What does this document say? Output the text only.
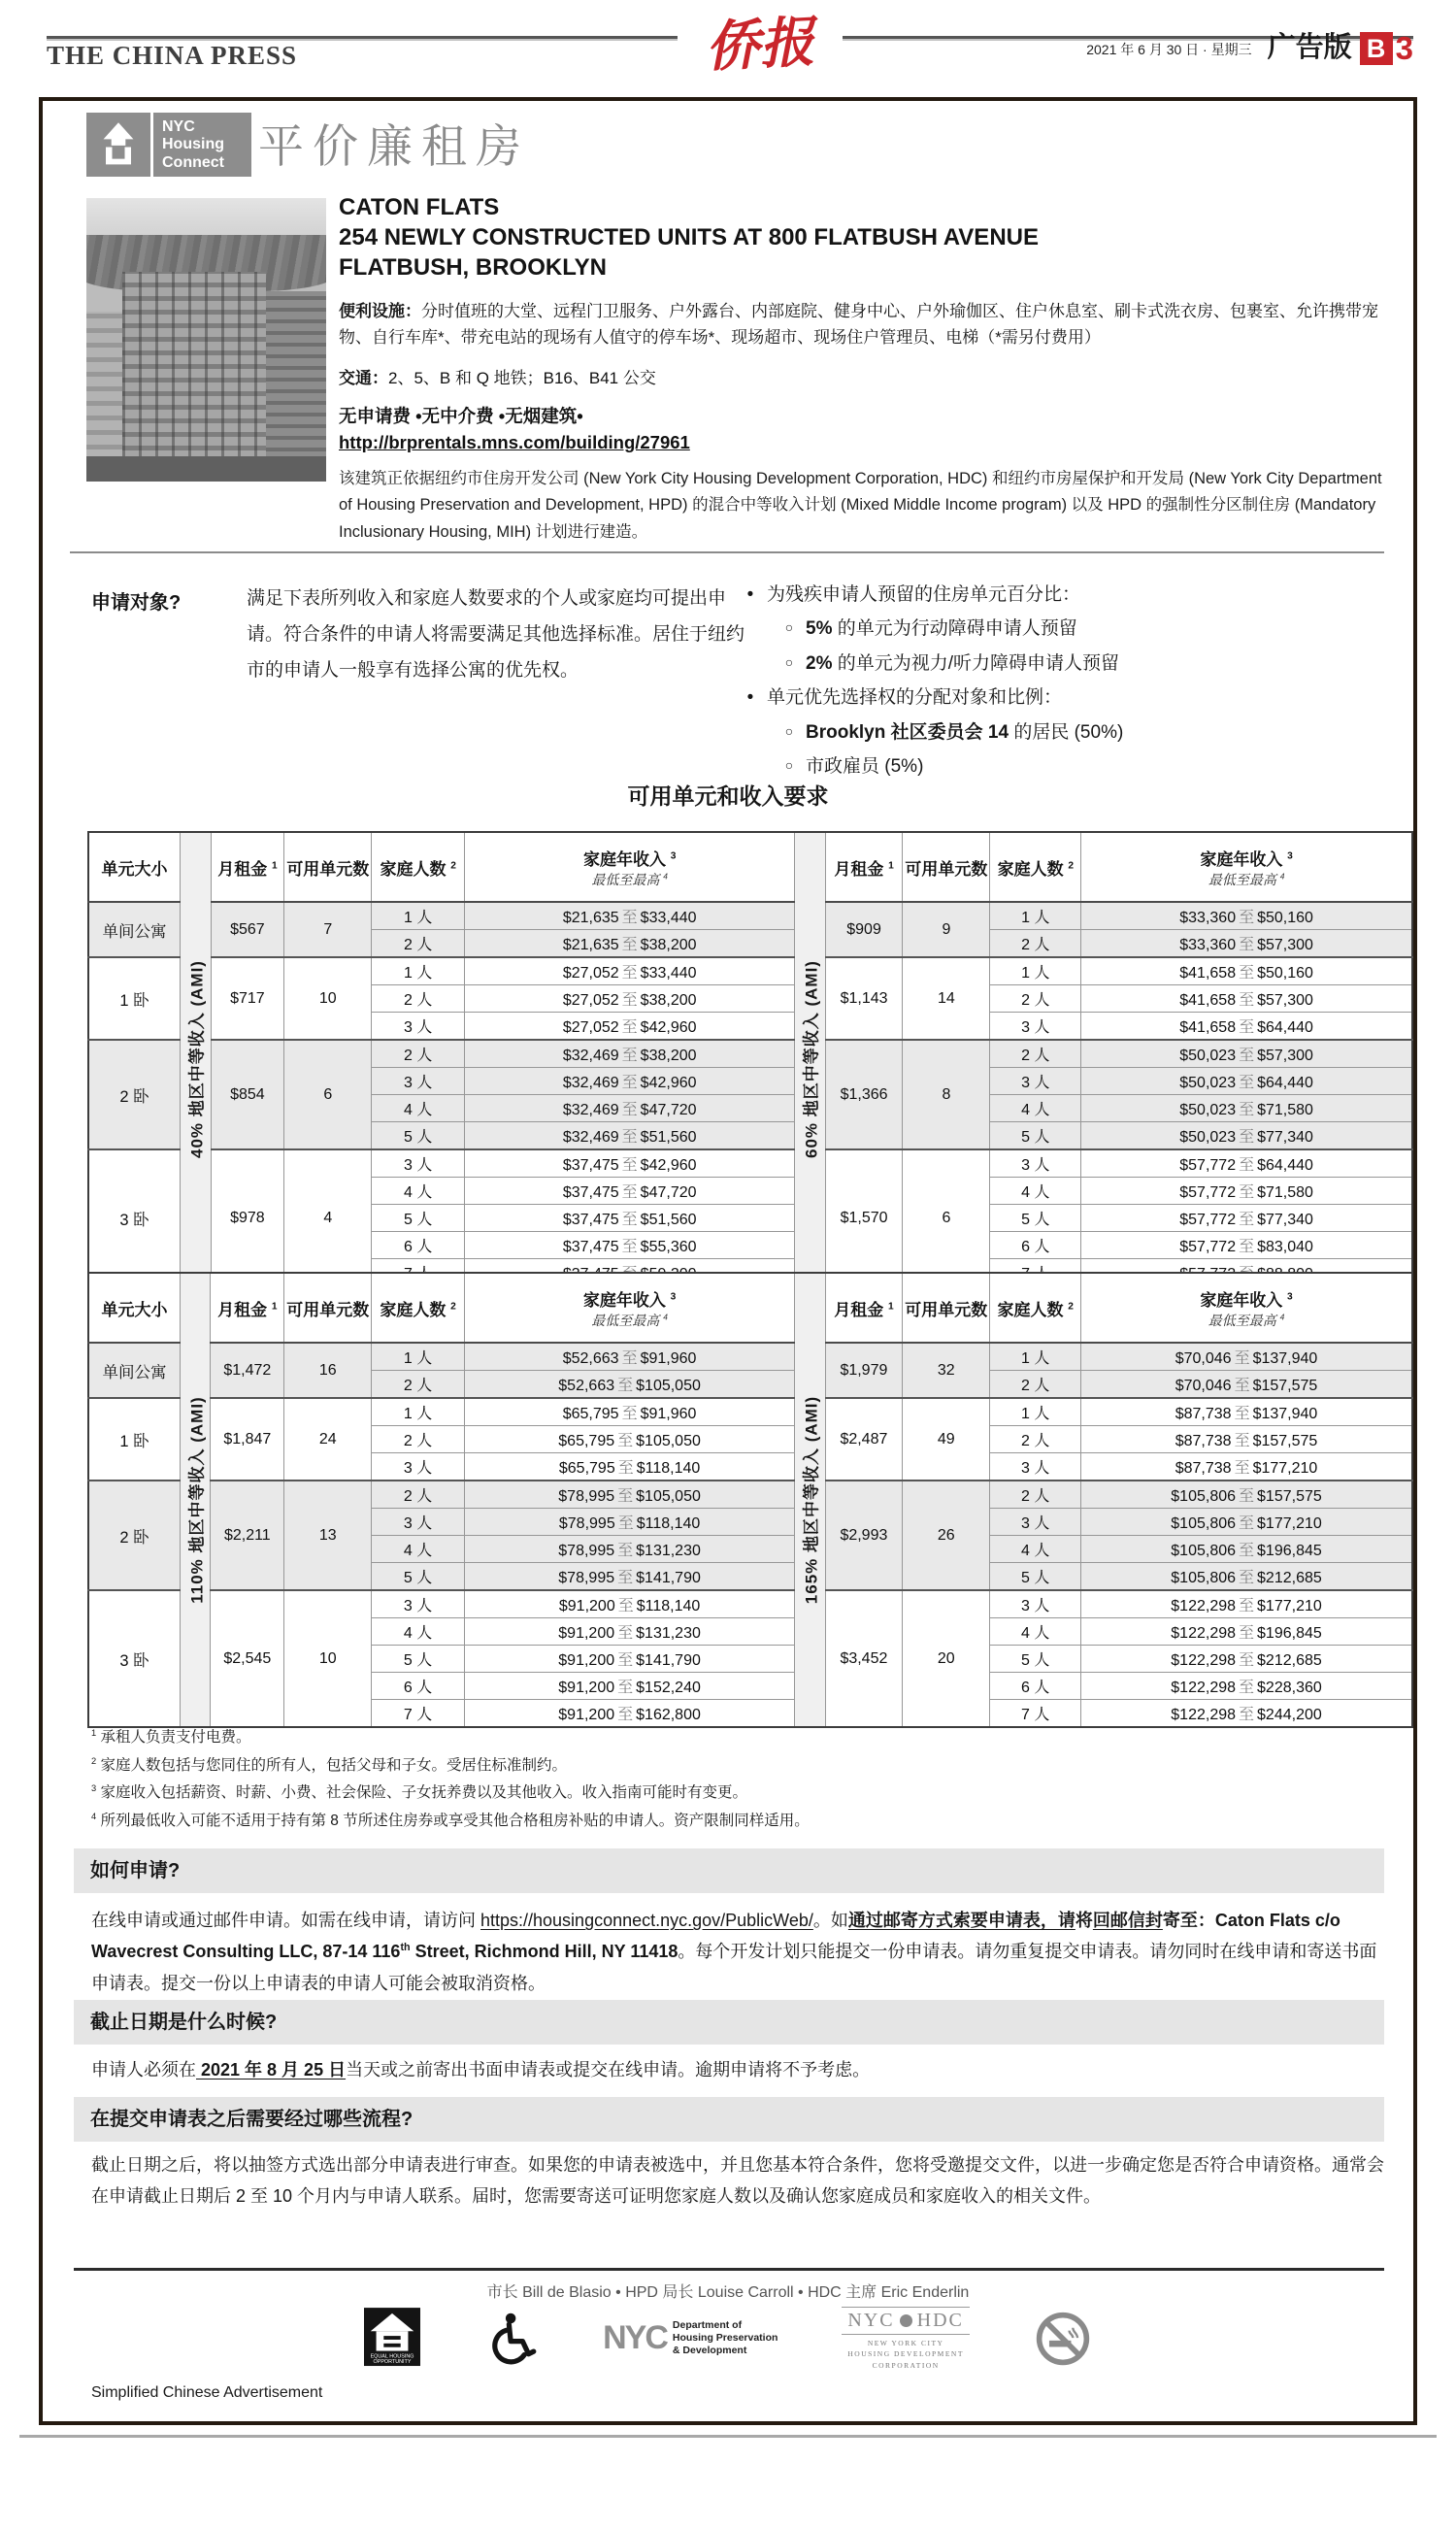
THE CHINA PRESS	侨报	2021 年 6 月 30 日 · 星期三 广告版 B 3
NYC
Housing
Connect 平价廉租房
CATON FLATS
254 NEWLY CONSTRUCTED UNITS AT 800 FLATBUSH AVENUE
FLATBUSH, BROOKLYN
便利设施：分时值班的大堂、远程门卫服务、户外露台、内部庭院、健身中心、户外瑜伽区、住户休息室、刷卡式洗衣房、包裹室、允许携带宠物、自行车库*、带充电站的现场有人值守的停车场*、现场超市、现场住户管理员、电梯（*需另付费用）
交通：2、5、B 和 Q 地铁；B16、B41 公交
无申请费 •无中介费 •无烟建筑•
http://brprentals.mns.com/building/27961
该建筑正依据纽约市住房开发公司 (New York City Housing Development Corporation, HDC) 和纽约市房屋保护和开发局 (New York City Department of Housing Preservation and Development, HPD) 的混合中等收入计划 (Mixed Middle Income program) 以及 HPD 的强制性分区制住房 (Mandatory Inclusionary Housing, MIH) 计划进行建造。
申请对象?	满足下表所列收入和家庭人数要求的个人或家庭均可提出申请。符合条件的申请人将需要满足其他选择标准。居住于纽约市的申请人一般享有选择公寓的优先权。
• 为残疾申请人预留的住房单元百分比：
○ 5% 的单元为行动障碍申请人预留
○ 2% 的单元为视力/听力障碍申请人预留
• 单元优先选择权的分配对象和比例：
○ Brooklyn 社区委员会 14 的居民 (50%)
○ 市政雇员 (5%)
可用单元和收入要求
单元大小	
40% 地区中等收入 (AMI)
	月租金 $^1$	可用单元数	家庭人数 $^2$	家庭年收入 $^3$
最低至最高 $^4$

60% 地区中等收入 (AMI)
	月租金 $^1$	可用单元数	家庭人数 $^2$	家庭年收入 $^3$
最低至最高 $^4$

单间公寓		$567	7	1 人	$21,635 至 $33,440		$909	9	1 人	$33,360 至 $50,160
				2 人	$21,635 至 $38,200				2 人	$33,360 至 $57,300
1 卧		$717	10	1 人	$27,052 至 $33,440		$1,143	14	1 人	$41,658 至 $50,160
				2 人	$27,052 至 $38,200				2 人	$41,658 至 $57,300
				3 人	$27,052 至 $42,960				3 人	$41,658 至 $64,440
2 卧		$854	6	2 人	$32,469 至 $38,200		$1,366	8	2 人	$50,023 至 $57,300
				3 人	$32,469 至 $42,960				3 人	$50,023 至 $64,440
				4 人	$32,469 至 $47,720				4 人	$50,023 至 $71,580
				5 人	$32,469 至 $51,560				5 人	$50,023 至 $77,340
3 卧		$978	4	3 人	$37,475 至 $42,960		$1,570	6	3 人	$57,772 至 $64,440
				4 人	$37,475 至 $47,720				4 人	$57,772 至 $71,580
				5 人	$37,475 至 $51,560				5 人	$57,772 至 $77,340
				6 人	$37,475 至 $55,360				6 人	$57,772 至 $83,040

单元大小	
110% 地区中等收入 (AMI)
	月租金 $^1$	可用单元数	家庭人数 $^2$	家庭年收入 $^3$
最低至最高 $^4$

165% 地区中等收入 (AMI)
	月租金 $^1$	可用单元数	家庭人数 $^2$	家庭年收入 $^3$
最低至最高 $^4$

单间公寓		$1,472	16	1 人	$52,663 至 $91,960		$1,979	32	1 人	$70,046 至 $137,940
				2 人	$52,663 至 $105,050				2 人	$70,046 至 $157,575
1 卧		$1,847	24	1 人	$65,795 至 $91,960		$2,487	49	1 人	$87,738 至 $137,940
				2 人	$65,795 至 $105,050				2 人	$87,738 至 $157,575
				3 人	$65,795 至 $118,140				3 人	$87,738 至 $177,210
2 卧		$2,211	13	2 人	$78,995 至 $105,050		$2,993	26	2 人	$105,806 至 $157,575
				3 人	$78,995 至 $118,140				3 人	$105,806 至 $177,210
				4 人	$78,995 至 $131,230				4 人	$105,806 至 $196,845
				5 人	$78,995 至 $141,790				5 人	$105,806 至 $212,685
3 卧		$2,545	10	3 人	$91,200 至 $118,140		$3,452	20	3 人	$122,298 至 $177,210
				4 人	$91,200 至 $131,230				4 人	$122,298 至 $196,845
				5 人	$91,200 至 $141,790				5 人	$122,298 至 $212,685
				6 人	$91,200 至 $152,240				6 人	$122,298 至 $228,360
				7 人	$91,200 至 $162,800				7 人	$122,298 至 $244,200
$^1$ 承租人负责支付电费。
$^2$ 家庭人数包括与您同住的所有人，包括父母和子女。受居住标准制约。
$^3$ 家庭收入包括薪资、时薪、小费、社会保险、子女抚养费以及其他收入。收入指南可能时有变更。
$^4$ 所列最低收入可能不适用于持有第 8 节所述住房券或享受其他合格租房补贴的申请人。资产限制同样适用。
如何申请?
在线申请或通过邮件申请。如需在线申请，请访问 https://housingconnect.nyc.gov/PublicWeb/。如通过邮寄方式索要申请表，请将回邮信封寄至：Caton Flats c/o Wavecrest Consulting LLC, 87-14 116th Street, Richmond Hill, NY 11418。每个开发计划只能提交一份申请表。请勿重复提交申请表。请勿同时在线申请和寄送书面申请表。提交一份以上申请表的申请人可能会被取消资格。
截止日期是什么时候?
申请人必须在 2021 年 8 月 25 日当天或之前寄出书面申请表或提交在线申请。逾期申请将不予考虑。
在提交申请表之后需要经过哪些流程?
截止日期之后，将以抽签方式选出部分申请表进行审查。如果您的申请表被选中，并且您基本符合条件，您将受邀提交文件，以进一步确定您是否符合申请资格。通常会在申请截止日期后 2 至 10 个月内与申请人联系。届时，您需要寄送可证明您家庭人数以及确认您家庭成员和家庭收入的相关文件。
市长 Bill de Blasio • HPD 局长 Louise Carroll • HDC 主席 Eric Enderlin
EQUAL HOUSING
OPPORTUNITY
NYC Department of
Housing Preservation
& Development
NYC HDC
NEW YORK CITY
HOUSING DEVELOPMENT
CORPORATION
Simplified Chinese Advertisement
